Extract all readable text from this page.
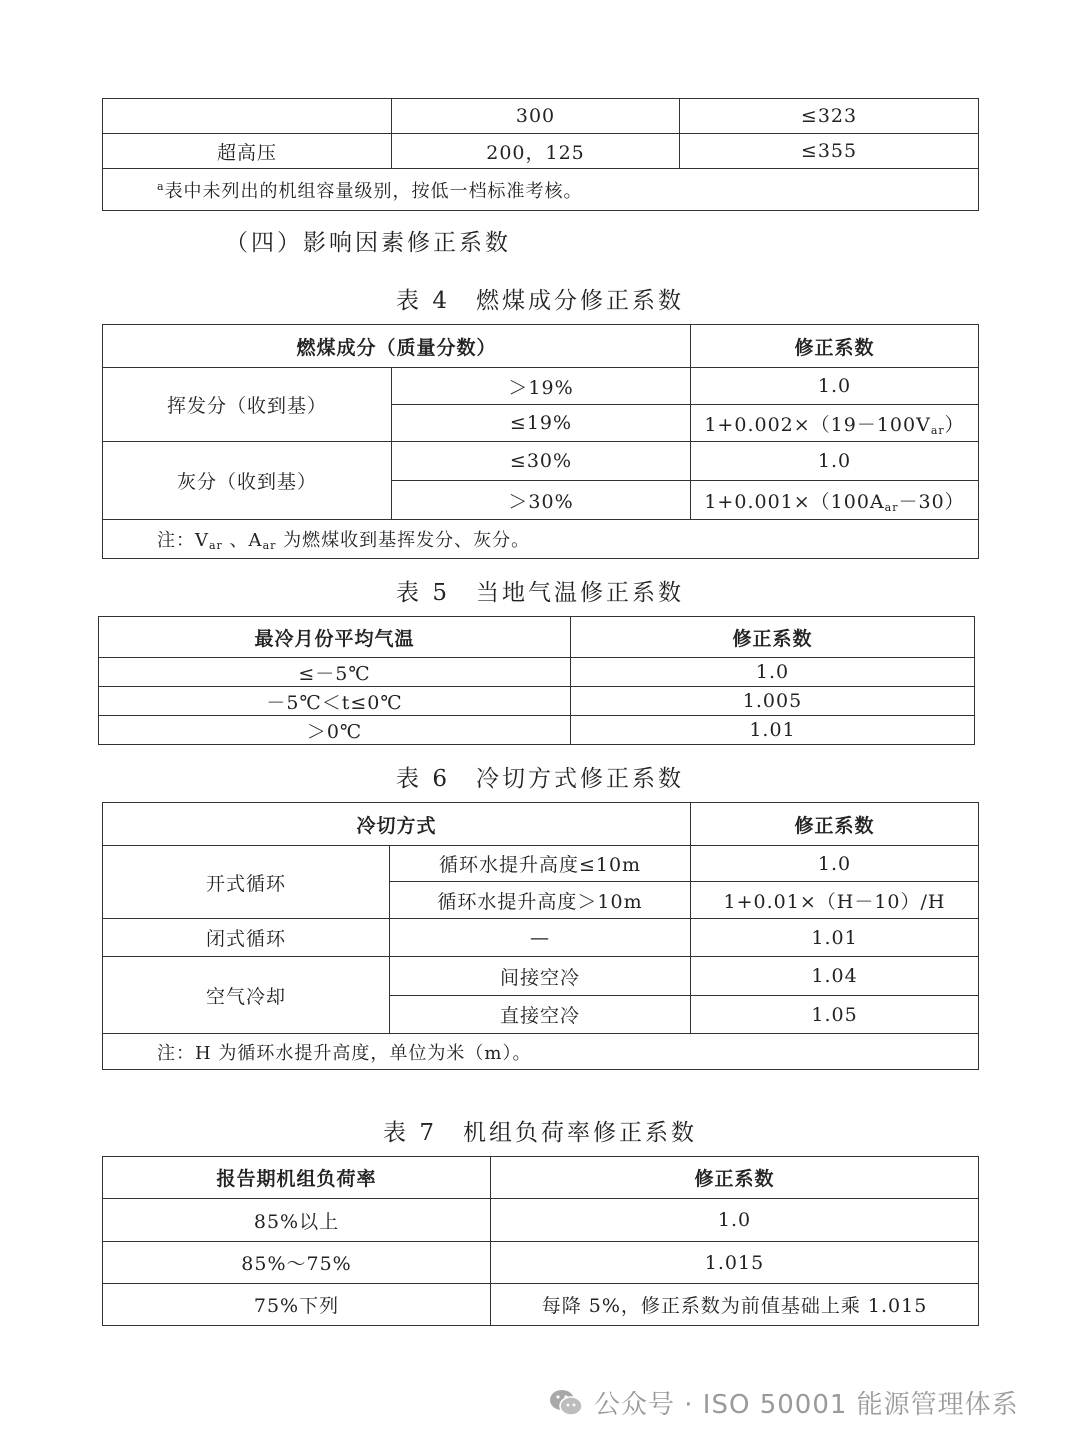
	300	≤323
超高压	200，125	≤355
$^a$表中未列出的机组容量级别，按低一档标准考核。		
（四）影响因素修正系数
表 4　燃煤成分修正系数
燃煤成分（质量分数）		修正系数
挥发分（收到基）	＞19%	1.0
	≤19%	$1+0.002\times(19-100V_{ar})$
灰分（收到基）	≤30%	1.0
	＞30%	$1+0.001\times(100A_{ar}-30)$
注：$V_{ar}$ 、$A_{ar}$ 为燃煤收到基挥发分、灰分。		
表 5　当地气温修正系数
最冷月份平均气温	修正系数
≤－5℃	1.0
－5℃＜t≤0℃	1.005
＞0℃	1.01
表 6　冷切方式修正系数
冷切方式		修正系数
开式循环	循环水提升高度≤10m	1.0
	循环水提升高度＞10m	1+0.01×（H－10）/H
闭式循环	—	1.01
空气冷却	间接空冷	1.04
	直接空冷	1.05
注：H 为循环水提升高度，单位为米（m）。		
表 7　机组负荷率修正系数
报告期机组负荷率	修正系数
85%以上	1.0
85%～75%	1.015
75%下列	每降 5%，修正系数为前值基础上乘 1.015
公众号 · ISO 50001 能源管理体系
